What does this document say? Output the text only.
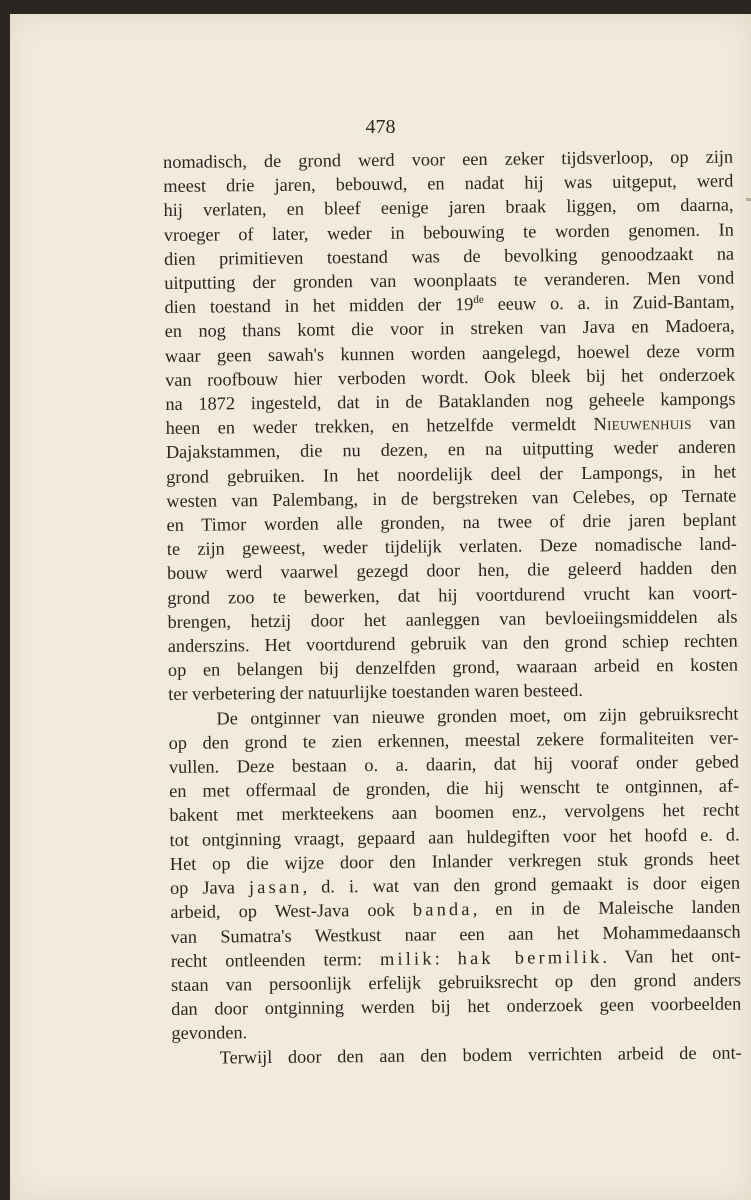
478
nomadisch, de grond werd voor een zeker tijdsverloop, op zijn
meest drie jaren, bebouwd, en nadat hij was uitgeput, werd
hij verlaten, en bleef eenige jaren braak liggen, om daarna,
vroeger of later, weder in bebouwing te worden genomen. In
dien primitieven toestand was de bevolking genoodzaakt na
uitputting der gronden van woonplaats te veranderen. Men vond
dien toestand in het midden der 19de eeuw o. a. in Zuid-Bantam,
en nog thans komt die voor in streken van Java en Madoera,
waar geen sawah's kunnen worden aangelegd, hoewel deze vorm
van roofbouw hier verboden wordt. Ook bleek bij het onderzoek
na 1872 ingesteld, dat in de Bataklanden nog geheele kampongs
heen en weder trekken, en hetzelfde vermeldt Nieuwenhuis van
Dajakstammen, die nu dezen, en na uitputting weder anderen
grond gebruiken. In het noordelijk deel der Lampongs, in het
westen van Palembang, in de bergstreken van Celebes, op Ternate
en Timor worden alle gronden, na twee of drie jaren beplant
te zijn geweest, weder tijdelijk verlaten. Deze nomadische land-
bouw werd vaarwel gezegd door hen, die geleerd hadden den
grond zoo te bewerken, dat hij voortdurend vrucht kan voort-
brengen, hetzij door het aanleggen van bevloeiingsmiddelen als
anderszins. Het voortdurend gebruik van den grond schiep rechten
op en belangen bij denzelfden grond, waaraan arbeid en kosten
ter verbetering der natuurlijke toestanden waren besteed.
De ontginner van nieuwe gronden moet, om zijn gebruiksrecht
op den grond te zien erkennen, meestal zekere formaliteiten ver-
vullen. Deze bestaan o. a. daarin, dat hij vooraf onder gebed
en met offermaal de gronden, die hij wenscht te ontginnen, af-
bakent met merkteekens aan boomen enz., vervolgens het recht
tot ontginning vraagt, gepaard aan huldegiften voor het hoofd e. d.
Het op die wijze door den Inlander verkregen stuk gronds heet
op Java jasan, d. i. wat van den grond gemaakt is door eigen
arbeid, op West-Java ook banda, en in de Maleische landen
van Sumatra's Westkust naar een aan het Mohammedaansch
recht ontleenden term: milik: hak bermilik. Van het ont-
staan van persoonlijk erfelijk gebruiksrecht op den grond anders
dan door ontginning werden bij het onderzoek geen voorbeelden
gevonden.
Terwijl door den aan den bodem verrichten arbeid de ont-
